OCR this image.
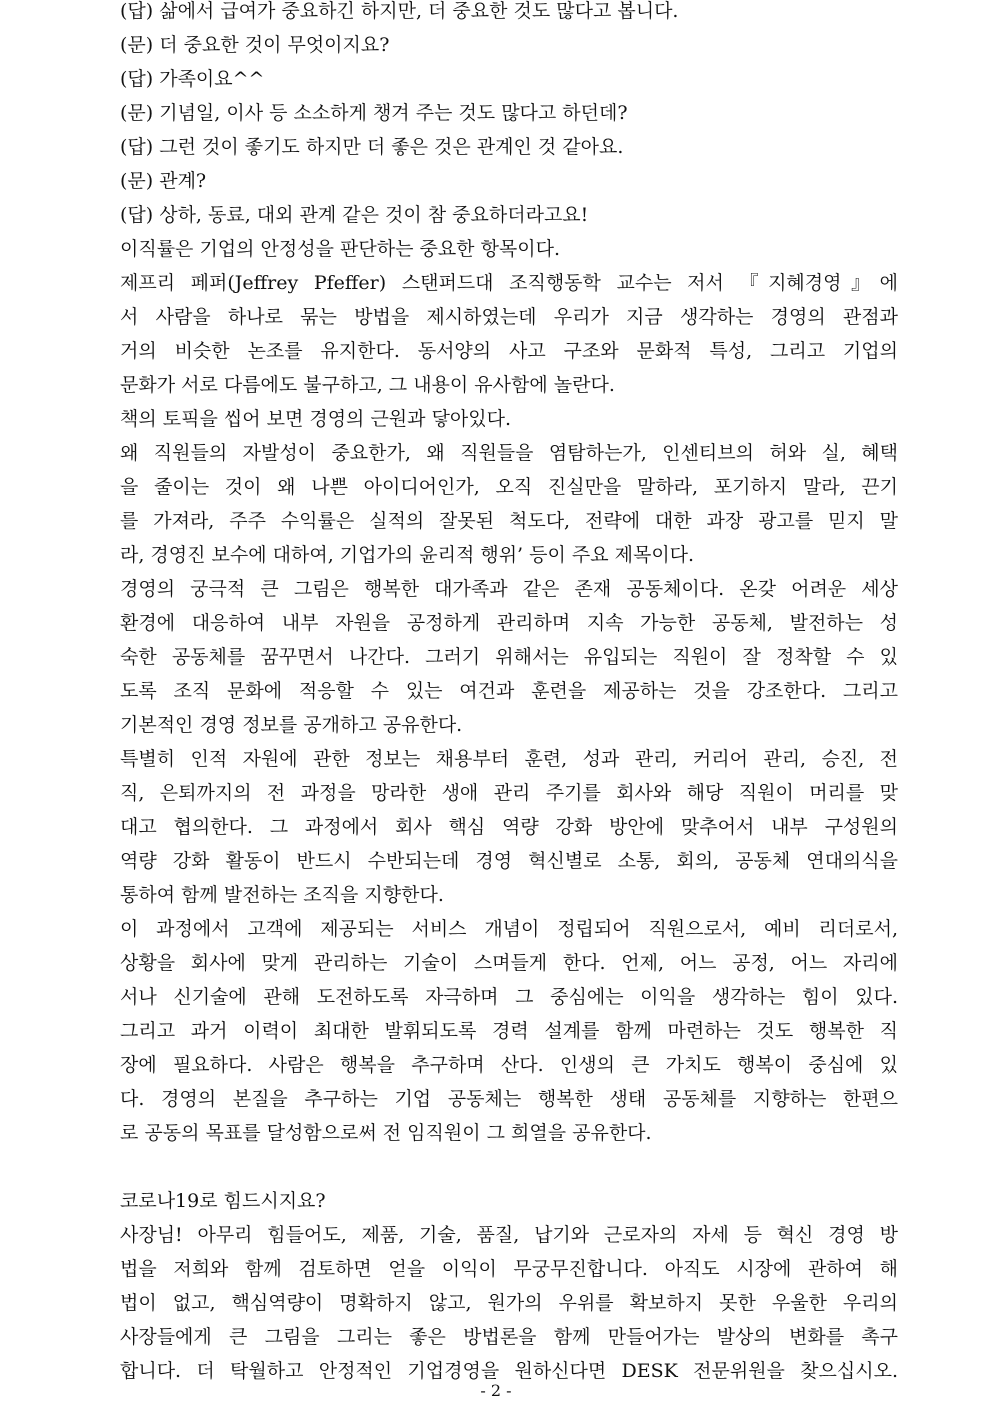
(답) 삶에서 급여가 중요하긴 하지만, 더 중요한 것도 많다고 봅니다.
(문) 더 중요한 것이 무엇이지요?
(답) 가족이요^^
(문) 기념일, 이사 등 소소하게 챙겨 주는 것도 많다고 하던데?
(답) 그런 것이 좋기도 하지만 더 좋은 것은 관계인 것 같아요.
(문) 관계?
(답) 상하, 동료, 대외 관계 같은 것이 참 중요하더라고요!
이직률은 기업의 안정성을 판단하는 중요한 항목이다.
제프리 페퍼(Jeffrey Pfeffer) 스탠퍼드대 조직행동학 교수는 저서 『지혜경영』에
서 사람을 하나로 묶는 방법을 제시하였는데 우리가 지금 생각하는 경영의 관점과
거의 비슷한 논조를 유지한다. 동서양의 사고 구조와 문화적 특성, 그리고 기업의
문화가 서로 다름에도 불구하고, 그 내용이 유사함에 놀란다.
책의 토픽을 씹어 보면 경영의 근원과 닿아있다.
왜 직원들의 자발성이 중요한가, 왜 직원들을 염탐하는가, 인센티브의 허와 실, 혜택
을 줄이는 것이 왜 나쁜 아이디어인가, 오직 진실만을 말하라, 포기하지 말라, 끈기
를 가져라, 주주 수익률은 실적의 잘못된 척도다, 전략에 대한 과장 광고를 믿지 말
라, 경영진 보수에 대하여, 기업가의 윤리적 행위’ 등이 주요 제목이다.
경영의 궁극적 큰 그림은 행복한 대가족과 같은 존재 공동체이다. 온갖 어려운 세상
환경에 대응하여 내부 자원을 공정하게 관리하며 지속 가능한 공동체, 발전하는 성
숙한 공동체를 꿈꾸면서 나간다. 그러기 위해서는 유입되는 직원이 잘 정착할 수 있
도록 조직 문화에 적응할 수 있는 여건과 훈련을 제공하는 것을 강조한다. 그리고
기본적인 경영 정보를 공개하고 공유한다.
특별히 인적 자원에 관한 정보는 채용부터 훈련, 성과 관리, 커리어 관리, 승진, 전
직, 은퇴까지의 전 과정을 망라한 생애 관리 주기를 회사와 해당 직원이 머리를 맞
대고 협의한다. 그 과정에서 회사 핵심 역량 강화 방안에 맞추어서 내부 구성원의
역량 강화 활동이 반드시 수반되는데 경영 혁신별로 소통, 회의, 공동체 연대의식을
통하여 함께 발전하는 조직을 지향한다.
이 과정에서 고객에 제공되는 서비스 개념이 정립되어 직원으로서, 예비 리더로서,
상황을 회사에 맞게 관리하는 기술이 스며들게 한다. 언제, 어느 공정, 어느 자리에
서나 신기술에 관해 도전하도록 자극하며 그 중심에는 이익을 생각하는 힘이 있다.
그리고 과거 이력이 최대한 발휘되도록 경력 설계를 함께 마련하는 것도 행복한 직
장에 필요하다. 사람은 행복을 추구하며 산다. 인생의 큰 가치도 행복이 중심에 있
다. 경영의 본질을 추구하는 기업 공동체는 행복한 생태 공동체를 지향하는 한편으
로 공동의 목표를 달성함으로써 전 임직원이 그 희열을 공유한다.
코로나19로 힘드시지요?
사장님! 아무리 힘들어도, 제품, 기술, 품질, 납기와 근로자의 자세 등 혁신 경영 방
법을 저희와 함께 검토하면 얻을 이익이 무궁무진합니다. 아직도 시장에 관하여 해
법이 없고, 핵심역량이 명확하지 않고, 원가의 우위를 확보하지 못한 우울한 우리의
사장들에게 큰 그림을 그리는 좋은 방법론을 함께 만들어가는 발상의 변화를 촉구
합니다. 더 탁월하고 안정적인 기업경영을 원하신다면 DESK 전문위원을 찾으십시오.
- 2 -
